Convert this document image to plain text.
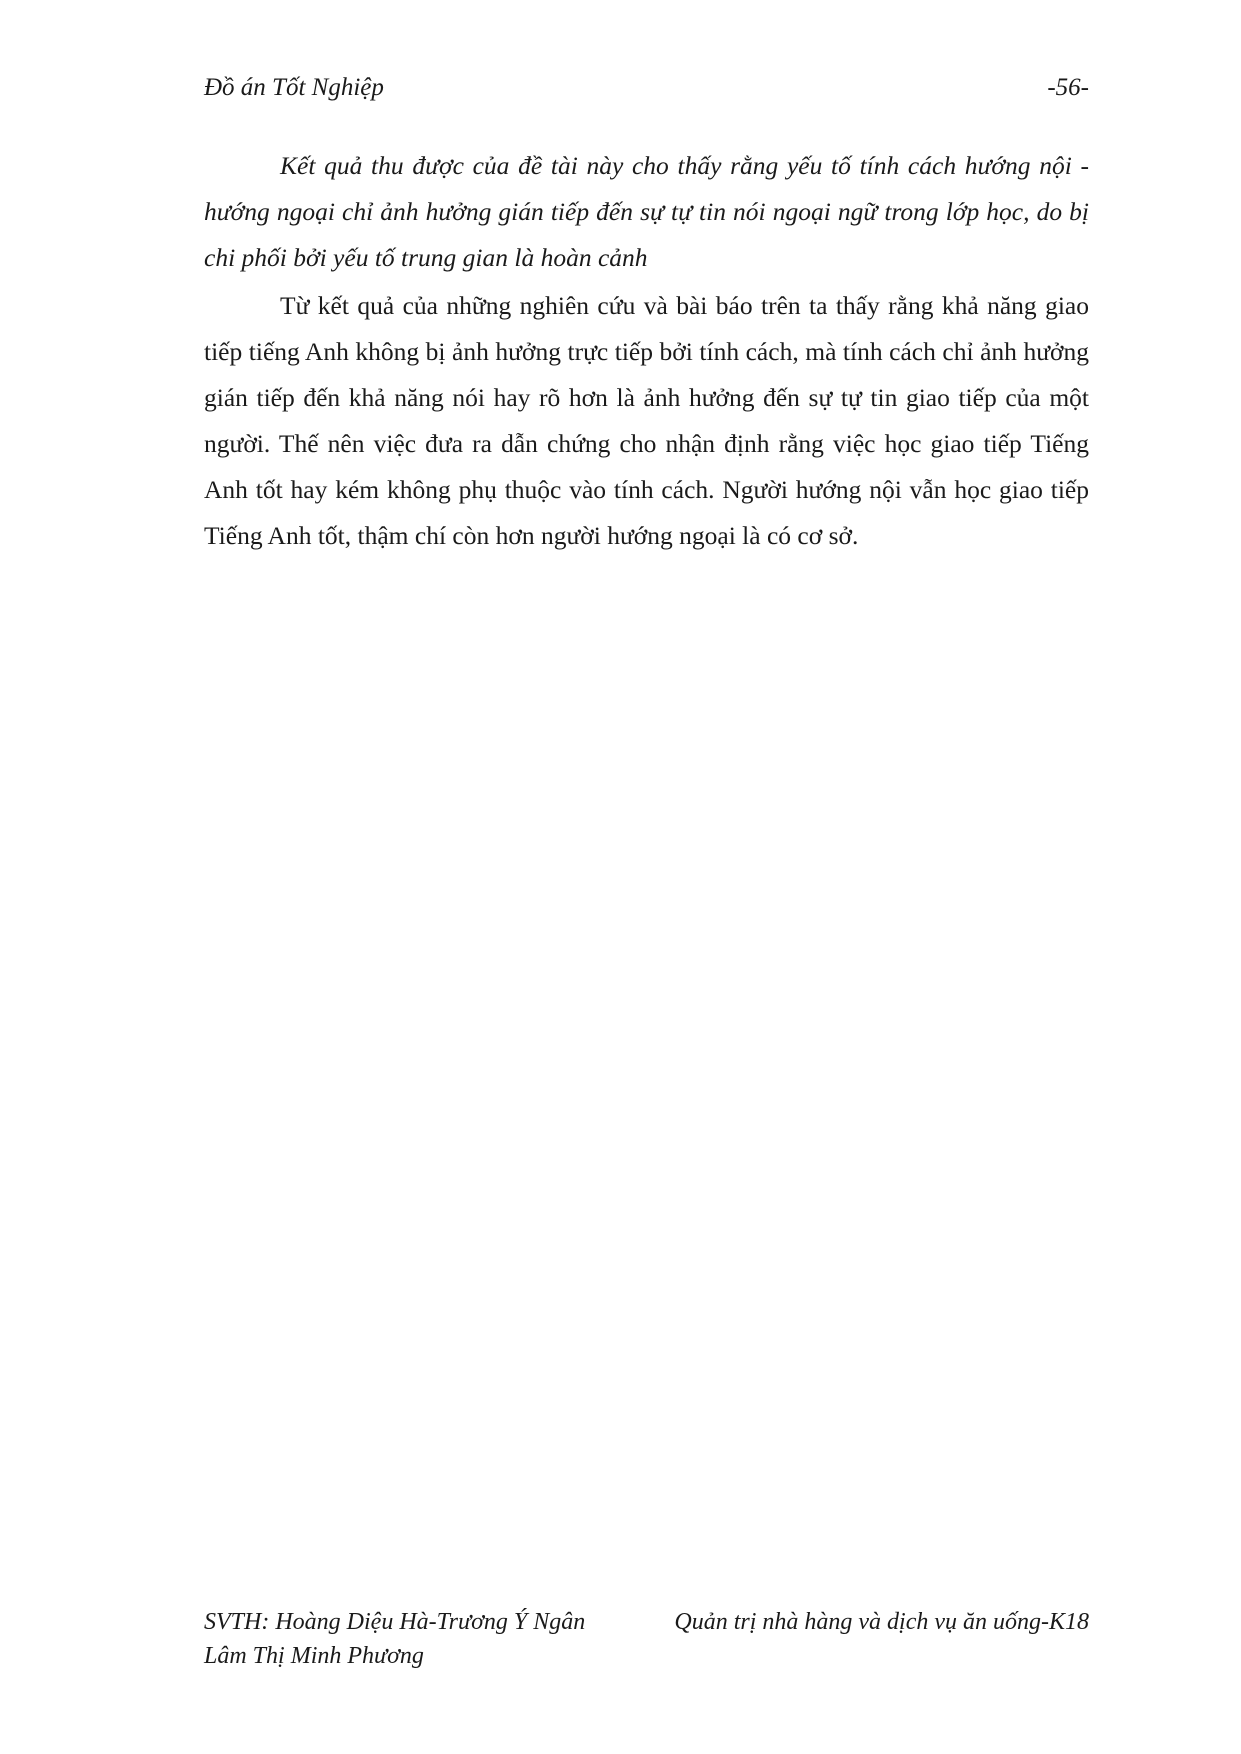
Đồ án Tốt Nghiệp	-56-

Kết quả thu được của đề tài này cho thấy rằng yếu tố tính cách hướng nội - hướng ngoại chỉ ảnh hưởng gián tiếp đến sự tự tin nói ngoại ngữ trong lớp học, do bị chi phối bởi yếu tố trung gian là hoàn cảnh

Từ kết quả của những nghiên cứu và bài báo trên ta thấy rằng khả năng giao tiếp tiếng Anh không bị ảnh hưởng trực tiếp bởi tính cách, mà tính cách chỉ ảnh hưởng gián tiếp đến khả năng nói hay rõ hơn là ảnh hưởng đến sự tự tin giao tiếp của một người. Thế nên việc đưa ra dẫn chứng cho nhận định rằng việc học giao tiếp Tiếng Anh tốt hay kém không phụ thuộc vào tính cách. Người hướng nội vẫn học giao tiếp Tiếng Anh tốt, thậm chí còn hơn người hướng ngoại là có cơ sở.

SVTH: Hoàng Diệu Hà-Trương Ý Ngân
Lâm Thị Minh Phương
Quản trị nhà hàng và dịch vụ ăn uống-K18
